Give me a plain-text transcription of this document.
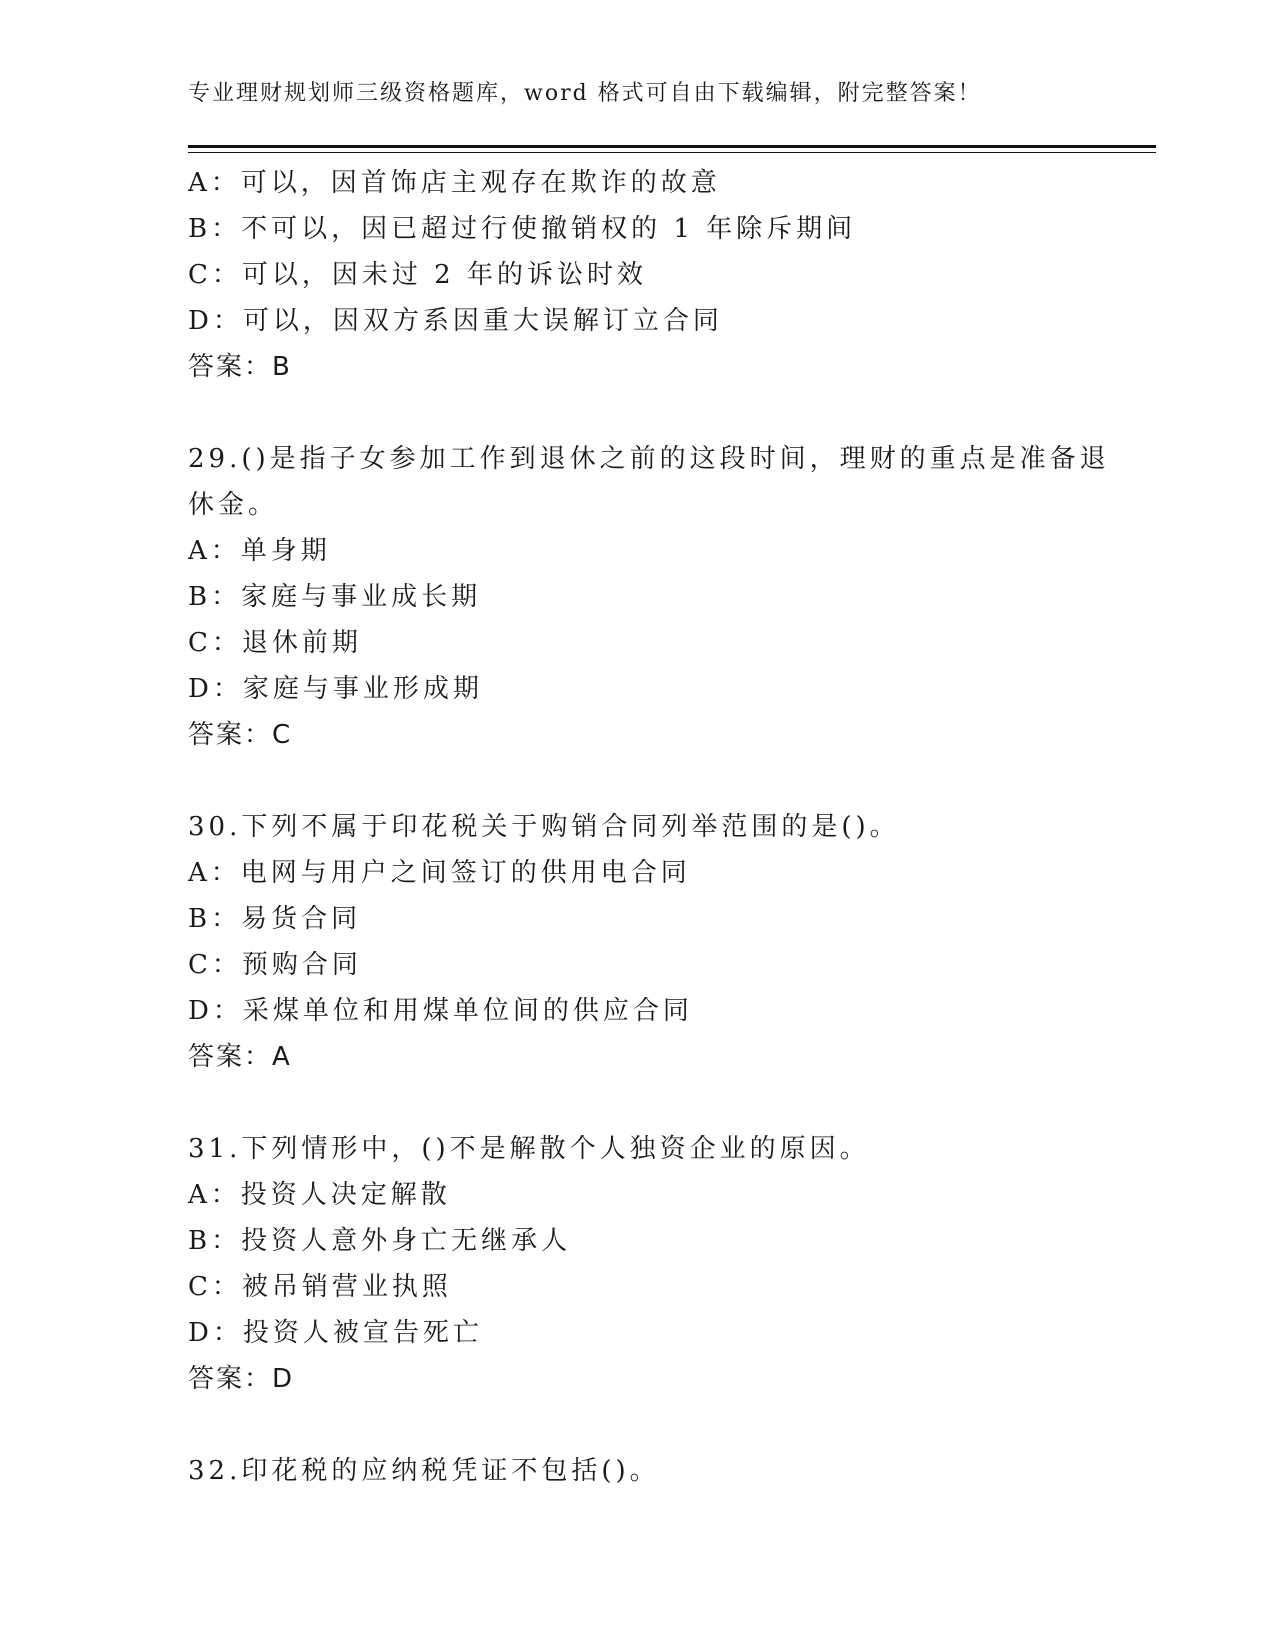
专业理财规划师三级资格题库，word 格式可自由下载编辑，附完整答案！
A：可以，因首饰店主观存在欺诈的故意
B：不可以，因已超过行使撤销权的 1 年除斥期间
C：可以，因未过 2 年的诉讼时效
D：可以，因双方系因重大误解订立合同
答案：B
29.()是指子女参加工作到退休之前的这段时间，理财的重点是准备退
休金。
A：单身期
B：家庭与事业成长期
C：退休前期
D：家庭与事业形成期
答案：C
30.下列不属于印花税关于购销合同列举范围的是()。
A：电网与用户之间签订的供用电合同
B：易货合同
C：预购合同
D：采煤单位和用煤单位间的供应合同
答案：A
31.下列情形中，()不是解散个人独资企业的原因。
A：投资人决定解散
B：投资人意外身亡无继承人
C：被吊销营业执照
D：投资人被宣告死亡
答案：D
32.印花税的应纳税凭证不包括()。
